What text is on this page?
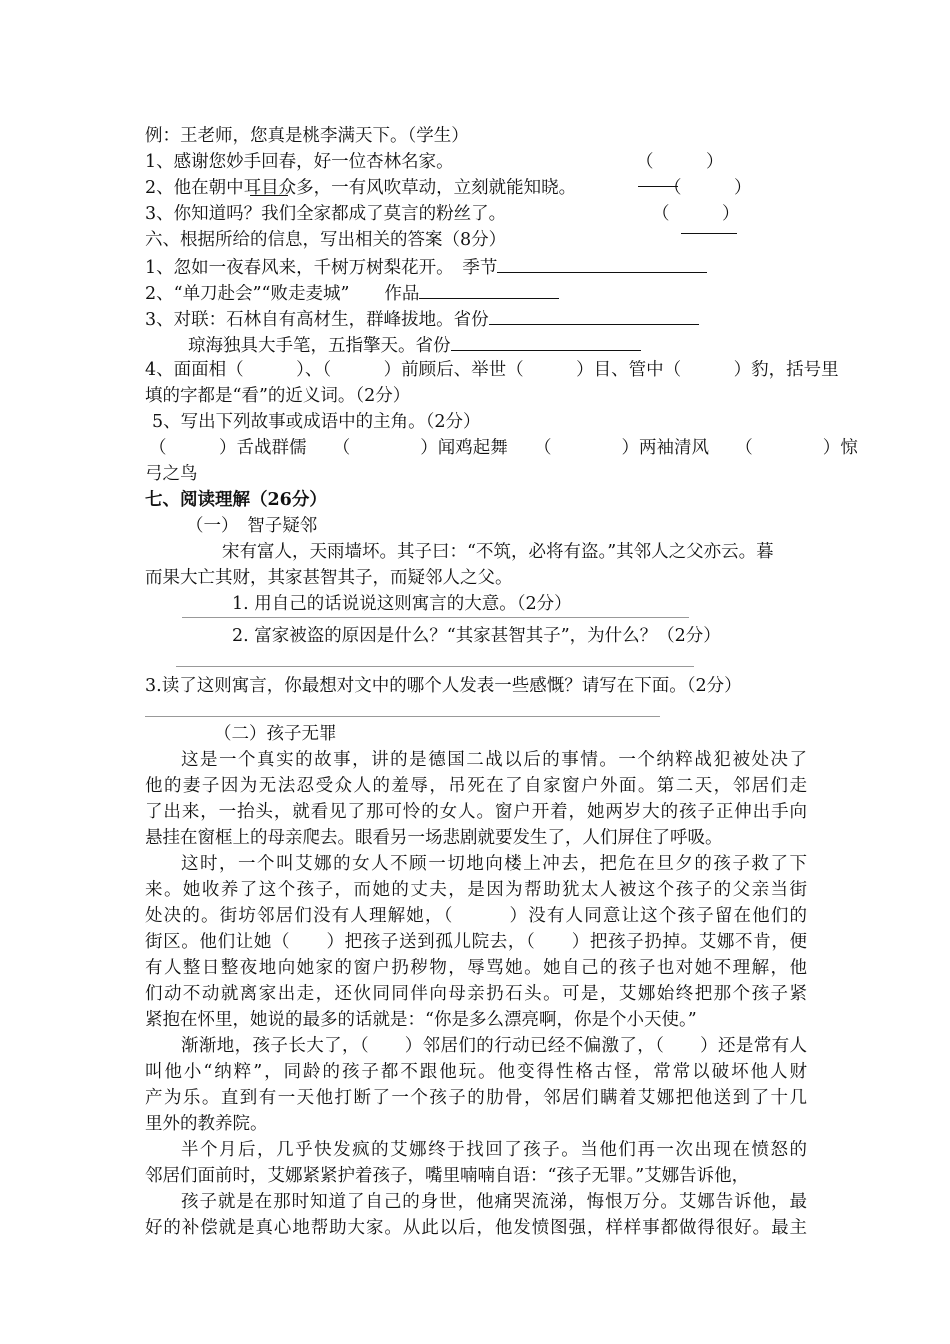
例：王老师，您真是桃李满天下。（学生）
1、感谢您妙手回春，好一位杏林名家。	（　　　）
2、他在朝中耳目众多，一有风吹草动，立刻就能知晓。	（　　　）
3、你知道吗？我们全家都成了莫言的粉丝了。	（　　　）
六、根据所给的信息，写出相关的答案（8分）
1、忽如一夜春风来，千树万树梨花开。　季节
2、“单刀赴会”“败走麦城”　　作品
3、对联：石林自有高材生，群峰拔地。省份
琼海独具大手笔，五指擎天。省份
4、面面相（　　　）、（　　　）前顾后、举世（　　　）目、管中（　　　）豹，括号里
填的字都是“看”的近义词。（2分）
5、写出下列故事或成语中的主角。（2分）
（　　　）舌战群儒　　（　　　　）闻鸡起舞　　（　　　　）两袖清风　　（　　　　）惊
弓之鸟
七、阅读理解（26分）
（一）　智子疑邻
宋有富人，天雨墙坏。其子曰：“不筑，必将有盗。”其邻人之父亦云。暮
而果大亡其财，其家甚智其子，而疑邻人之父。
1. 用自己的话说说这则寓言的大意。（2分）
2. 富家被盗的原因是什么？“其家甚智其子”，为什么？（2分）
3.读了这则寓言，你最想对文中的哪个人发表一些感慨？请写在下面。（2分）
（二）孩子无罪
这是一个真实的故事，讲的是德国二战以后的事情。一个纳粹战犯被处决了
他的妻子因为无法忍受众人的羞辱，吊死在了自家窗户外面。第二天，邻居们走
了出来，一抬头，就看见了那可怜的女人。窗户开着，她两岁大的孩子正伸出手向
悬挂在窗框上的母亲爬去。眼看另一场悲剧就要发生了，人们屏住了呼吸。
这时，一个叫艾娜的女人不顾一切地向楼上冲去，把危在旦夕的孩子救了下
来。她收养了这个孩子，而她的丈夫，是因为帮助犹太人被这个孩子的父亲当街
处决的。街坊邻居们没有人理解她，（　　　）没有人同意让这个孩子留在他们的
街区。他们让她（　　）把孩子送到孤儿院去，（　　）把孩子扔掉。艾娜不肯，便
有人整日整夜地向她家的窗户扔秽物，辱骂她。她自己的孩子也对她不理解，他
们动不动就离家出走，还伙同同伴向母亲扔石头。可是，艾娜始终把那个孩子紧
紧抱在怀里，她说的最多的话就是：“你是多么漂亮啊，你是个小天使。”
渐渐地，孩子长大了，（　　）邻居们的行动已经不偏激了，（　　）还是常有人
叫他小“纳粹”，同龄的孩子都不跟他玩。他变得性格古怪，常常以破坏他人财
产为乐。直到有一天他打断了一个孩子的肋骨，邻居们瞒着艾娜把他送到了十几
里外的教养院。
半个月后，几乎快发疯的艾娜终于找回了孩子。当他们再一次出现在愤怒的
邻居们面前时，艾娜紧紧护着孩子，嘴里喃喃自语：“孩子无罪。”艾娜告诉他，
孩子就是在那时知道了自己的身世，他痛哭流涕，悔恨万分。艾娜告诉他，最
好的补偿就是真心地帮助大家。从此以后，他发愤图强，样样事都做得很好。最主
